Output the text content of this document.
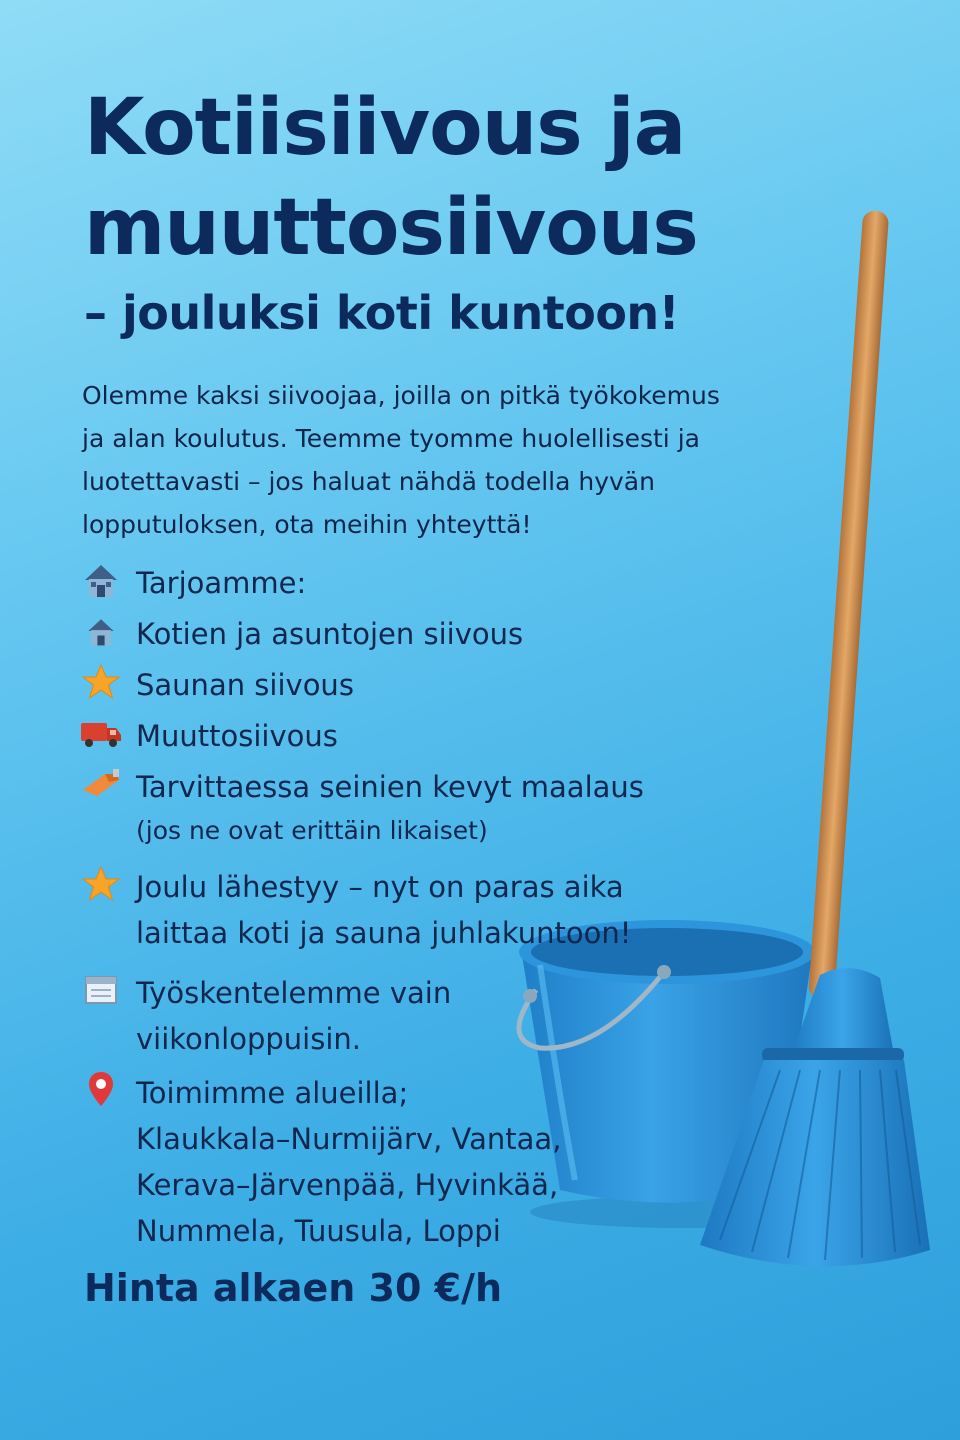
Kotiisiivous ja
muuttosiivous
– jouluksi koti kuntoon!

Olemme kaksi siivoojaa, joilla on pitkä työkokemus
ja alan koulutus. Teemme tyomme huolellisesti ja
luotettavasti – jos haluat nähdä todella hyvän
lopputuloksen, ota meihin yhteyttä!

Tarjoamme:
Kotien ja asuntojen siivous
Saunan siivous
Muuttosiivous
Tarvittaessa seinien kevyt maalaus
(jos ne ovat erittäin likaiset)
Joulu lähestyy – nyt on paras aika
laittaa koti ja sauna juhlakuntoon!
Työskentelemme vain
viikonloppuisin.
Toimimme alueilla;
Klaukkala–Nurmijärv, Vantaa,
Kerava–Järvenpää, Hyvinkää,
Nummela, Tuusula, Loppi

Hinta alkaen 30 €/h
